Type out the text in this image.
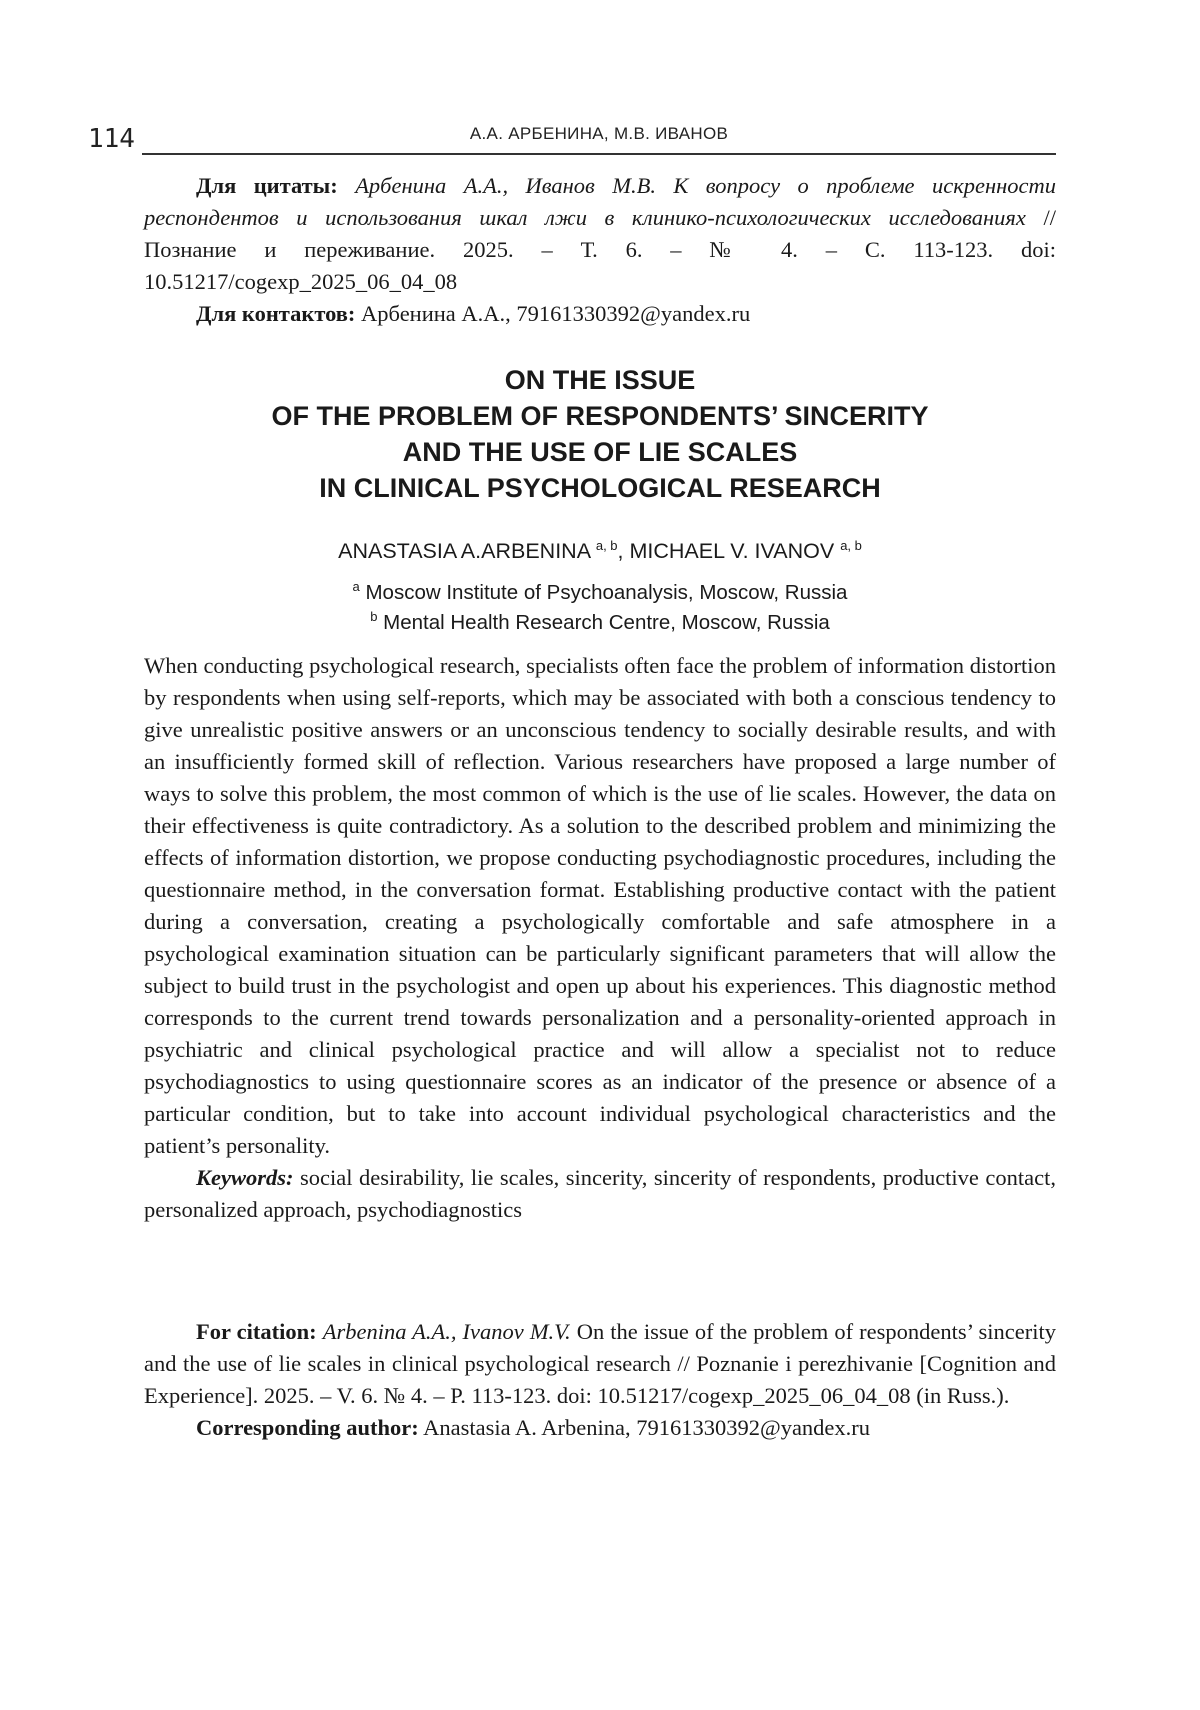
114	А.А. АРБЕНИНА, М.В. ИВАНОВ

Для цитаты: Арбенина А.А., Иванов М.В. К вопросу о проблеме искренности респондентов и использования шкал лжи в клинико-психологических исследованиях // Познание и переживание. 2025. – Т. 6. – № 4. – С. 113-123. doi: 10.51217/cogexp_2025_06_04_08

Для контактов: Арбенина А.А., 79161330392@yandex.ru

ON THE ISSUE
OF THE PROBLEM OF RESPONDENTS’ SINCERITY
AND THE USE OF LIE SCALES
IN CLINICAL PSYCHOLOGICAL RESEARCH
ANASTASIA A.ARBENINA $^{a, b}$, MICHAEL V. IVANOV $^{a, b}$
$^a$ Moscow Institute of Psychoanalysis, Moscow, Russia
$^b$ Mental Health Research Centre, Moscow, Russia

When conducting psychological research, specialists often face the problem of information distortion by respondents when using self-reports, which may be associated with both a conscious tendency to give unrealistic positive answers or an unconscious tendency to socially desirable results, and with an insufficiently formed skill of reflection. Various researchers have proposed a large number of ways to solve this problem, the most common of which is the use of lie scales. However, the data on their effectiveness is quite contradictory. As a solution to the described problem and minimizing the effects of information distortion, we propose conducting psychodiagnostic procedures, including the questionnaire method, in the conversation format. Establishing productive contact with the patient during a conversation, creating a psychologically comfortable and safe atmosphere in a psychological examination situation can be particularly significant parameters that will allow the subject to build trust in the psychologist and open up about his experiences. This diagnostic method corresponds to the current trend towards personalization and a personality-oriented approach in psychiatric and clinical psychological practice and will allow a specialist not to reduce psychodiagnostics to using questionnaire scores as an indicator of the presence or absence of a particular condition, but to take into account individual psychological characteristics and the patient’s personality.

Keywords: social desirability, lie scales, sincerity, sincerity of respondents, productive contact, personalized approach, psychodiagnostics

For citation: Arbenina A.A., Ivanov M.V. On the issue of the problem of respondents’ sincerity and the use of lie scales in clinical psychological research // Poznanie i perezhivanie [Cognition and Experience]. 2025. – V. 6. № 4. – P. 113-123. doi: 10.51217/cogexp_2025_06_04_08 (in Russ.).

Corresponding author: Anastasia A. Arbenina, 79161330392@yandex.ru
